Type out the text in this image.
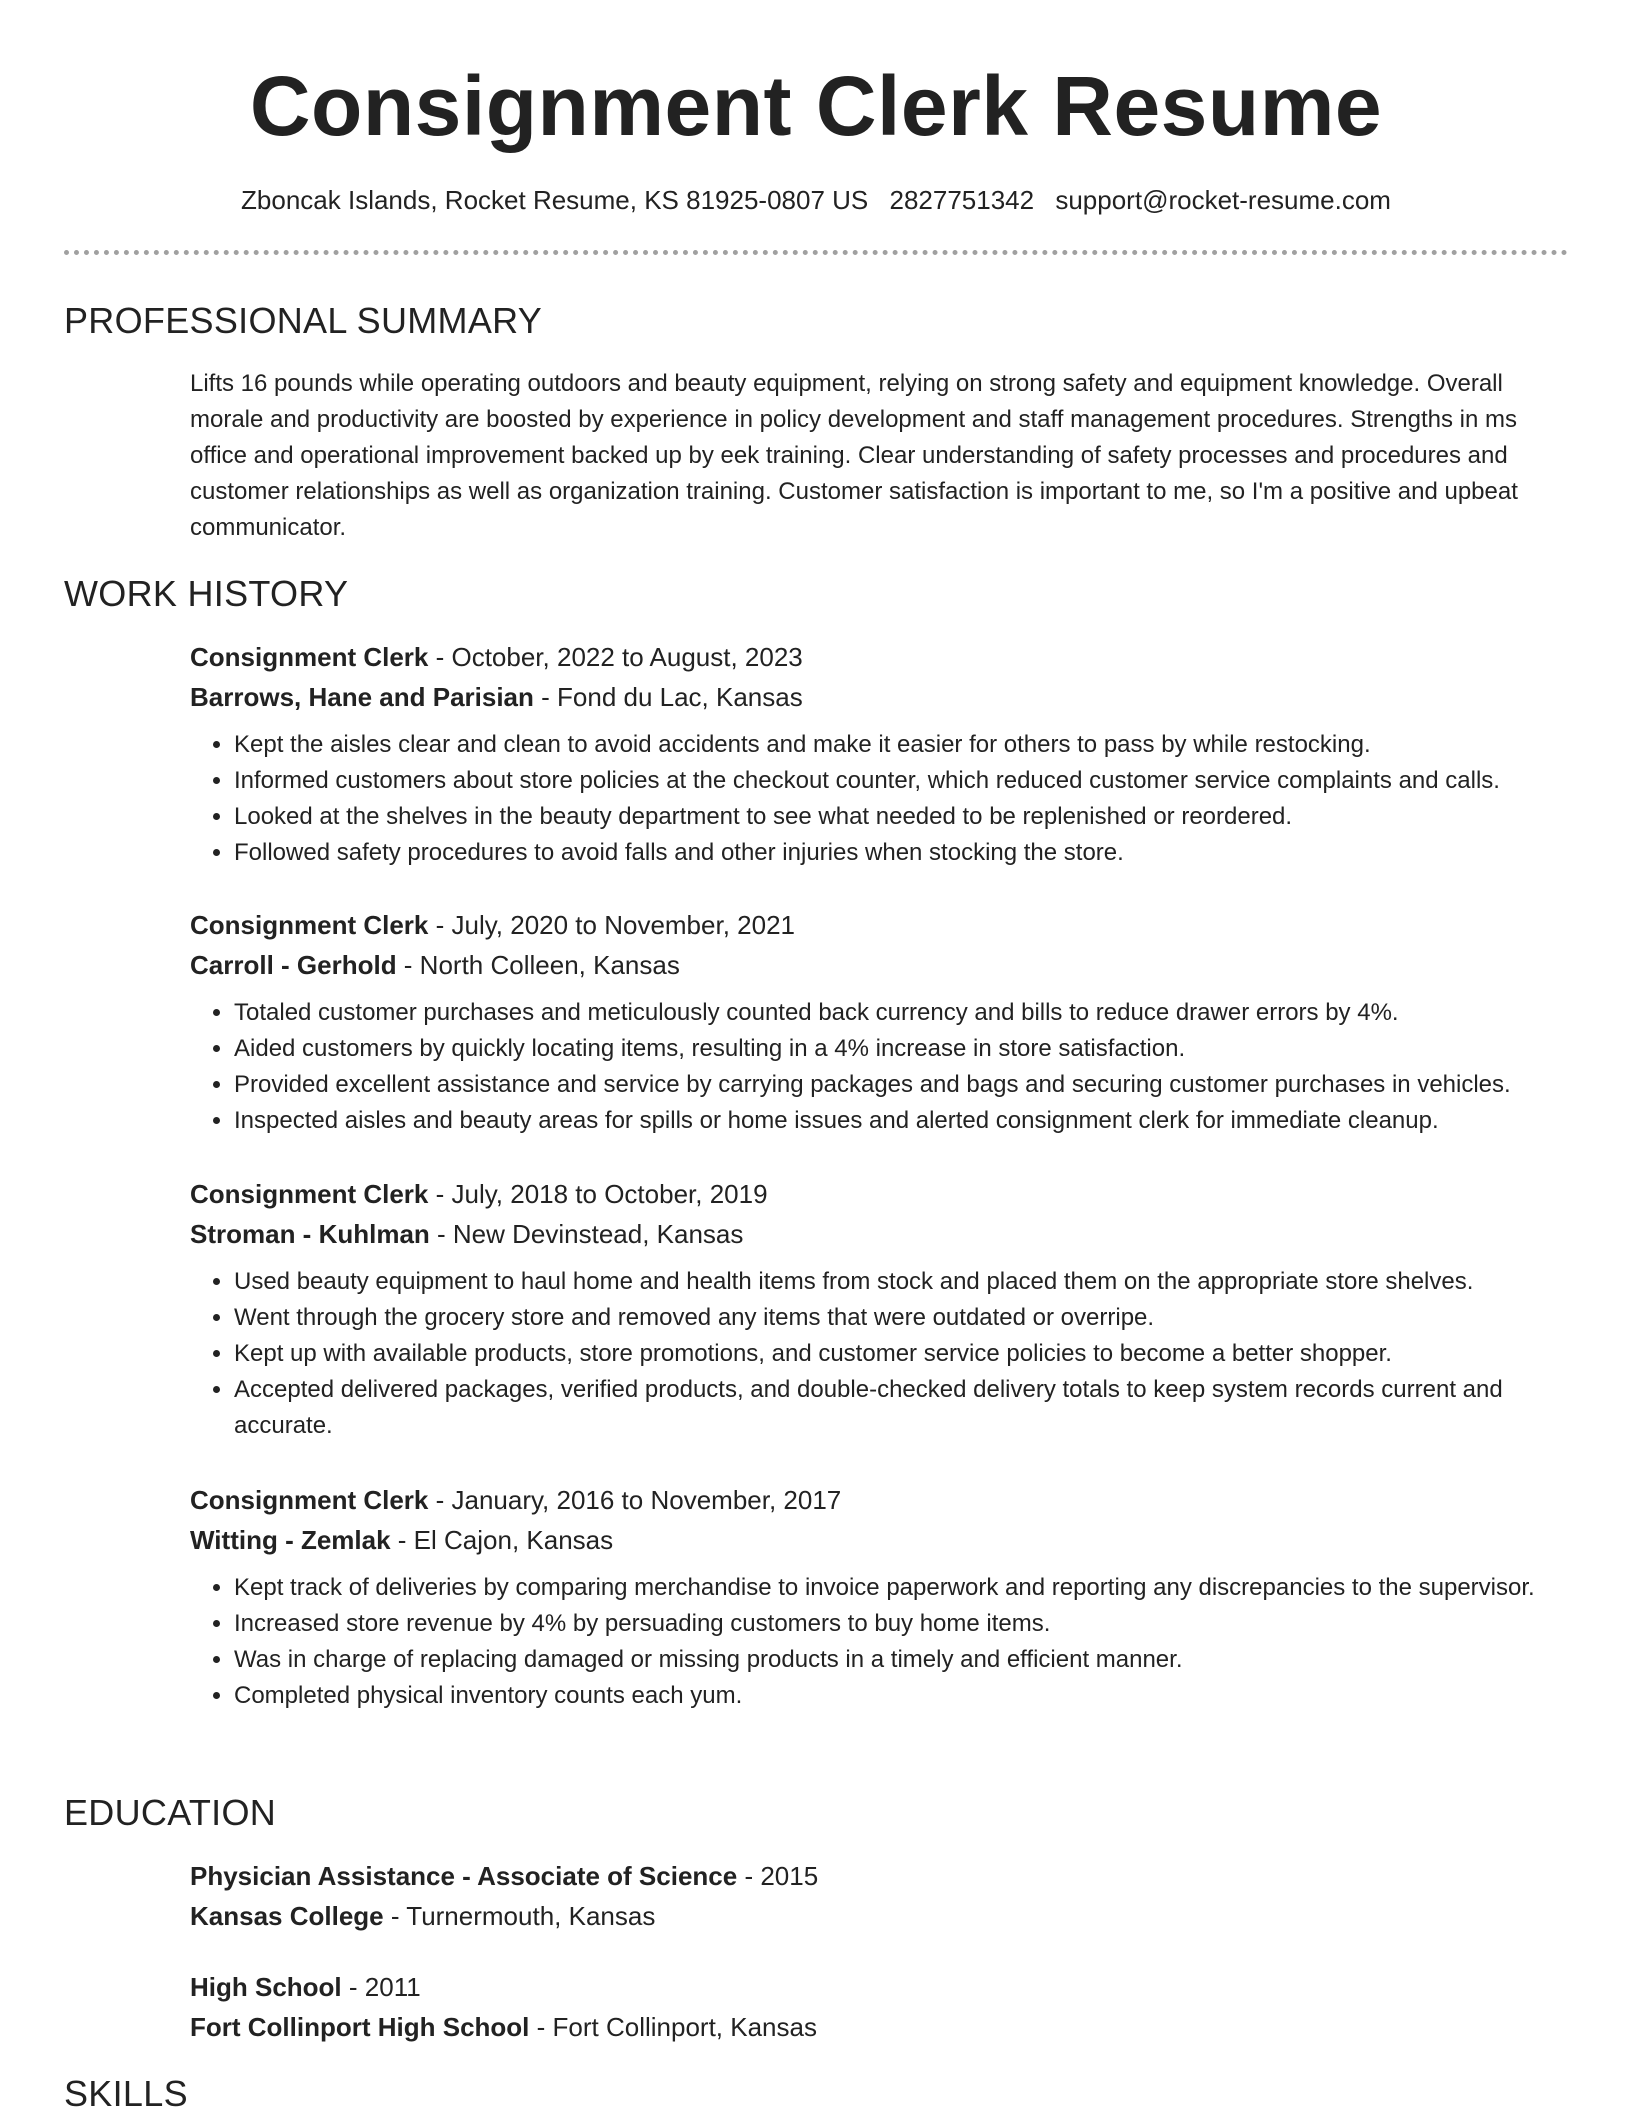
Consignment Clerk Resume
Zboncak Islands, Rocket Resume, KS 81925-0807 US 2827751342 support@rocket-resume.com
PROFESSIONAL SUMMARY
Lifts 16 pounds while operating outdoors and beauty equipment, relying on strong safety and equipment knowledge. Overall morale and productivity are boosted by experience in policy development and staff management procedures. Strengths in ms office and operational improvement backed up by eek training. Clear understanding of safety processes and procedures and customer relationships as well as organization training. Customer satisfaction is important to me, so I'm a positive and upbeat communicator.
WORK HISTORY
Consignment Clerk - October, 2022 to August, 2023
Barrows, Hane and Parisian - Fond du Lac, Kansas
• Kept the aisles clear and clean to avoid accidents and make it easier for others to pass by while restocking.
• Informed customers about store policies at the checkout counter, which reduced customer service complaints and calls.
• Looked at the shelves in the beauty department to see what needed to be replenished or reordered.
• Followed safety procedures to avoid falls and other injuries when stocking the store.
Consignment Clerk - July, 2020 to November, 2021
Carroll - Gerhold - North Colleen, Kansas
• Totaled customer purchases and meticulously counted back currency and bills to reduce drawer errors by 4%.
• Aided customers by quickly locating items, resulting in a 4% increase in store satisfaction.
• Provided excellent assistance and service by carrying packages and bags and securing customer purchases in vehicles.
• Inspected aisles and beauty areas for spills or home issues and alerted consignment clerk for immediate cleanup.
Consignment Clerk - July, 2018 to October, 2019
Stroman - Kuhlman - New Devinstead, Kansas
• Used beauty equipment to haul home and health items from stock and placed them on the appropriate store shelves.
• Went through the grocery store and removed any items that were outdated or overripe.
• Kept up with available products, store promotions, and customer service policies to become a better shopper.
• Accepted delivered packages, verified products, and double-checked delivery totals to keep system records current and accurate.
Consignment Clerk - January, 2016 to November, 2017
Witting - Zemlak - El Cajon, Kansas
• Kept track of deliveries by comparing merchandise to invoice paperwork and reporting any discrepancies to the supervisor.
• Increased store revenue by 4% by persuading customers to buy home items.
• Was in charge of replacing damaged or missing products in a timely and efficient manner.
• Completed physical inventory counts each yum.
EDUCATION
Physician Assistance - Associate of Science - 2015
Kansas College - Turnermouth, Kansas
High School - 2011
Fort Collinport High School - Fort Collinport, Kansas
SKILLS
